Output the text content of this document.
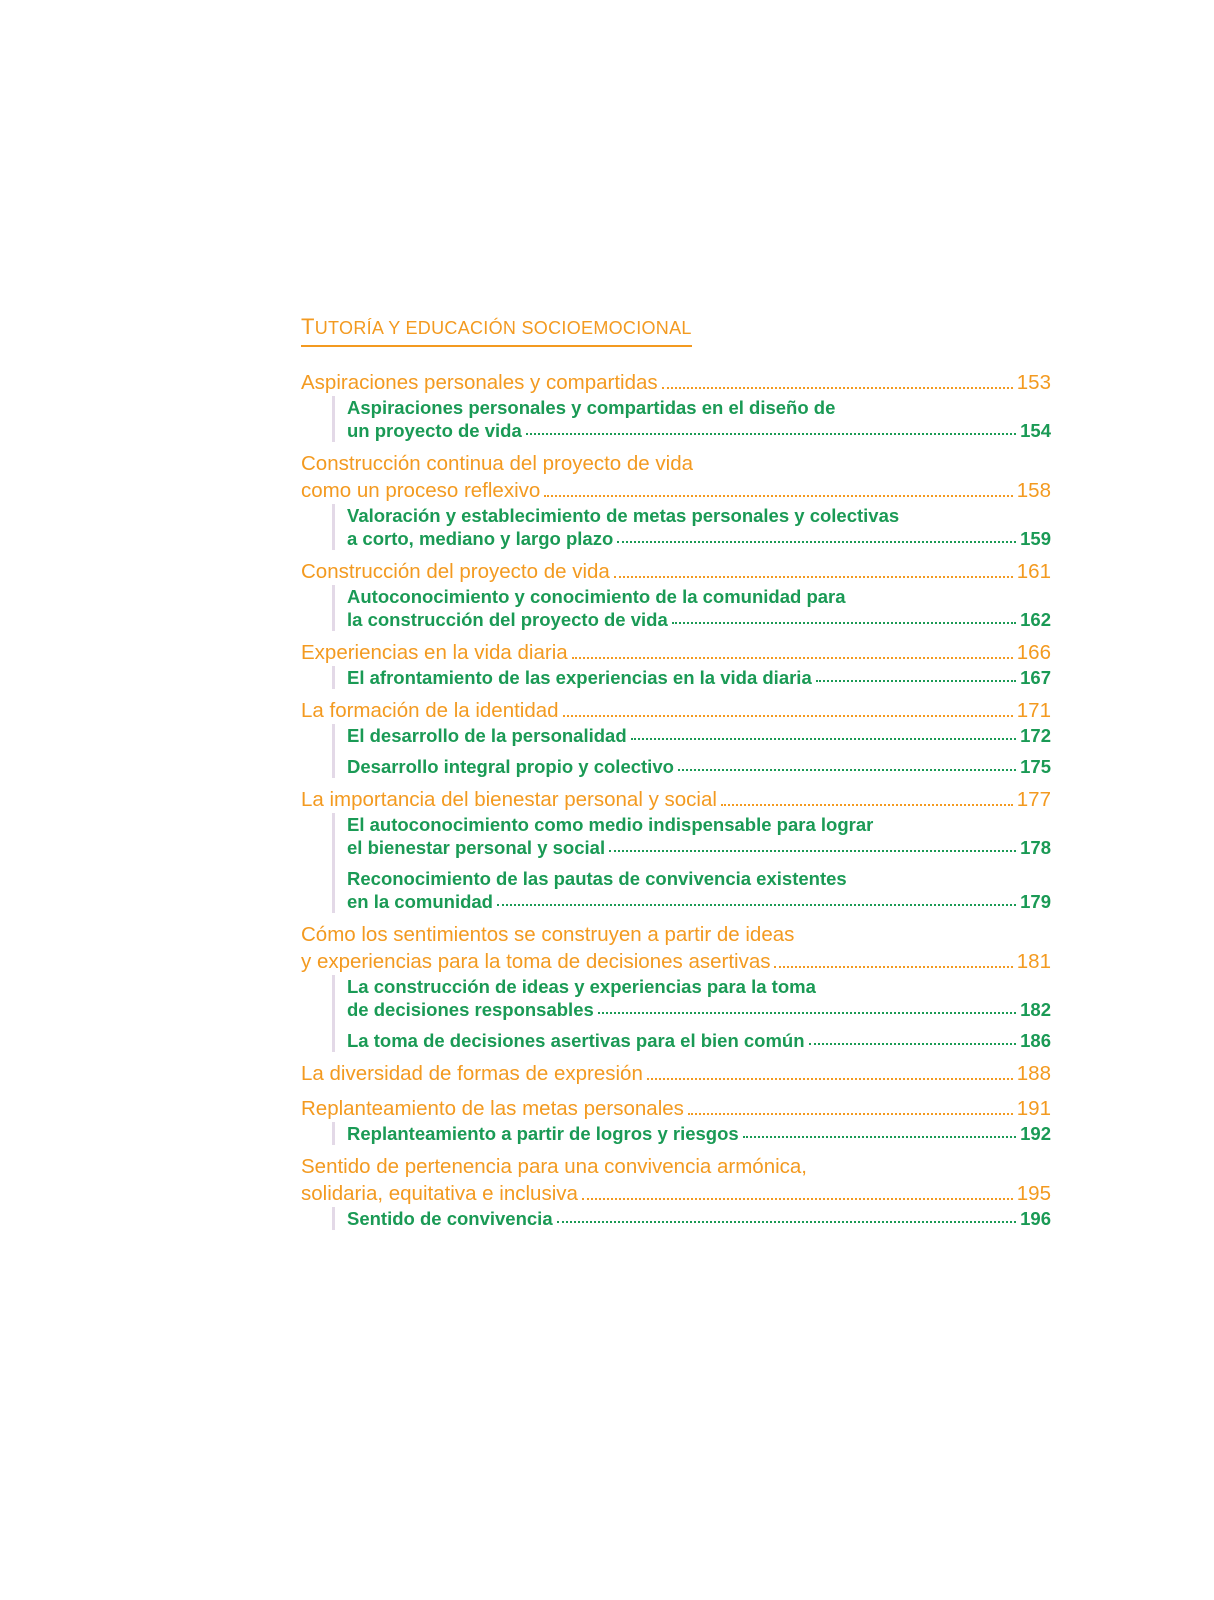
TUTORÍA Y EDUCACIÓN SOCIOEMOCIONAL
Aspiraciones personales y compartidas	153
Aspiraciones personales y compartidas en el diseño de
un proyecto de vida	154
Construcción continua del proyecto de vida
como un proceso reflexivo	158
Valoración y establecimiento de metas personales y colectivas
a corto, mediano y largo plazo	159
Construcción del proyecto de vida	161
Autoconocimiento y conocimiento de la comunidad para
la construcción del proyecto de vida	162
Experiencias en la vida diaria	166
El afrontamiento de las experiencias en la vida diaria	167
La formación de la identidad	171
El desarrollo de la personalidad	172
Desarrollo integral propio y colectivo	175
La importancia del bienestar personal y social	177
El autoconocimiento como medio indispensable para lograr
el bienestar personal y social	178
Reconocimiento de las pautas de convivencia existentes
en la comunidad	179
Cómo los sentimientos se construyen a partir de ideas
y experiencias para la toma de decisiones asertivas	181
La construcción de ideas y experiencias para la toma
de decisiones responsables	182
La toma de decisiones asertivas para el bien común	186
La diversidad de formas de expresión	188
Replanteamiento de las metas personales	191
Replanteamiento a partir de logros y riesgos	192
Sentido de pertenencia para una convivencia armónica,
solidaria, equitativa e inclusiva	195
Sentido de convivencia	196
